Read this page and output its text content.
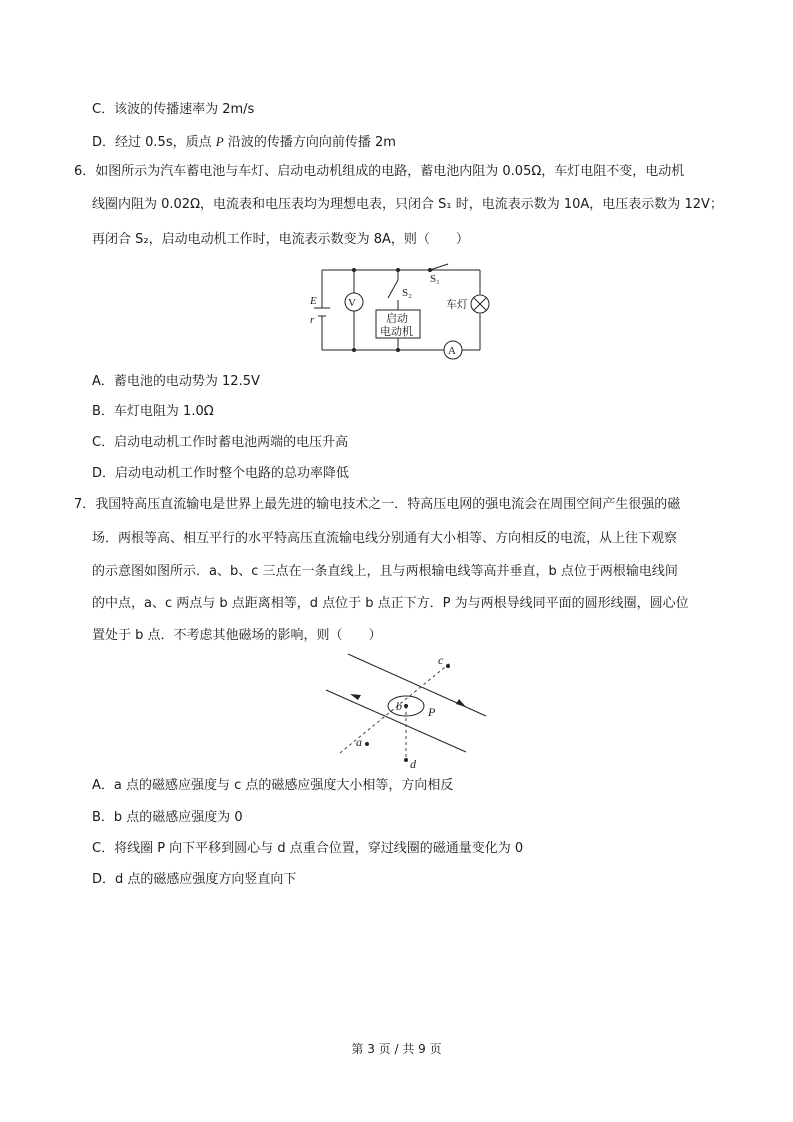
C．该波的传播速率为 2m/s
D．经过 0.5s，质点 P 沿波的传播方向向前传播 2m
6．如图所示为汽车蓄电池与车灯、启动电动机组成的电路，蓄电池内阻为 0.05Ω，车灯电阻不变，电动机
线圈内阻为 0.02Ω，电流表和电压表均为理想电表，只闭合 S₁ 时，电流表示数为 10A，电压表示数为 12V；
再闭合 S₂，启动电动机工作时，电流表示数变为 8A，则（　　）
V
A
E
r
S₂
S₁
启动
电动机
车灯
A．蓄电池的电动势为 12.5V
B．车灯电阻为 1.0Ω
C．启动电动机工作时蓄电池两端的电压升高
D．启动电动机工作时整个电路的总功率降低
7．我国特高压直流输电是世界上最先进的输电技术之一．特高压电网的强电流会在周围空间产生很强的磁
场．两根等高、相互平行的水平特高压直流输电线分别通有大小相等、方向相反的电流，从上往下观察
的示意图如图所示．a、b、c 三点在一条直线上，且与两根输电线等高并垂直，b 点位于两根输电线间
的中点，a、c 两点与 b 点距离相等，d 点位于 b 点正下方．P 为与两根导线同平面的圆形线圈，圆心位
置处于 b 点．不考虑其他磁场的影响，则（　　）
a
b
c
d
P
A．a 点的磁感应强度与 c 点的磁感应强度大小相等，方向相反
B．b 点的磁感应强度为 0
C．将线圈 P 向下平移到圆心与 d 点重合位置，穿过线圈的磁通量变化为 0
D．d 点的磁感应强度方向竖直向下
第 3 页 / 共 9 页
